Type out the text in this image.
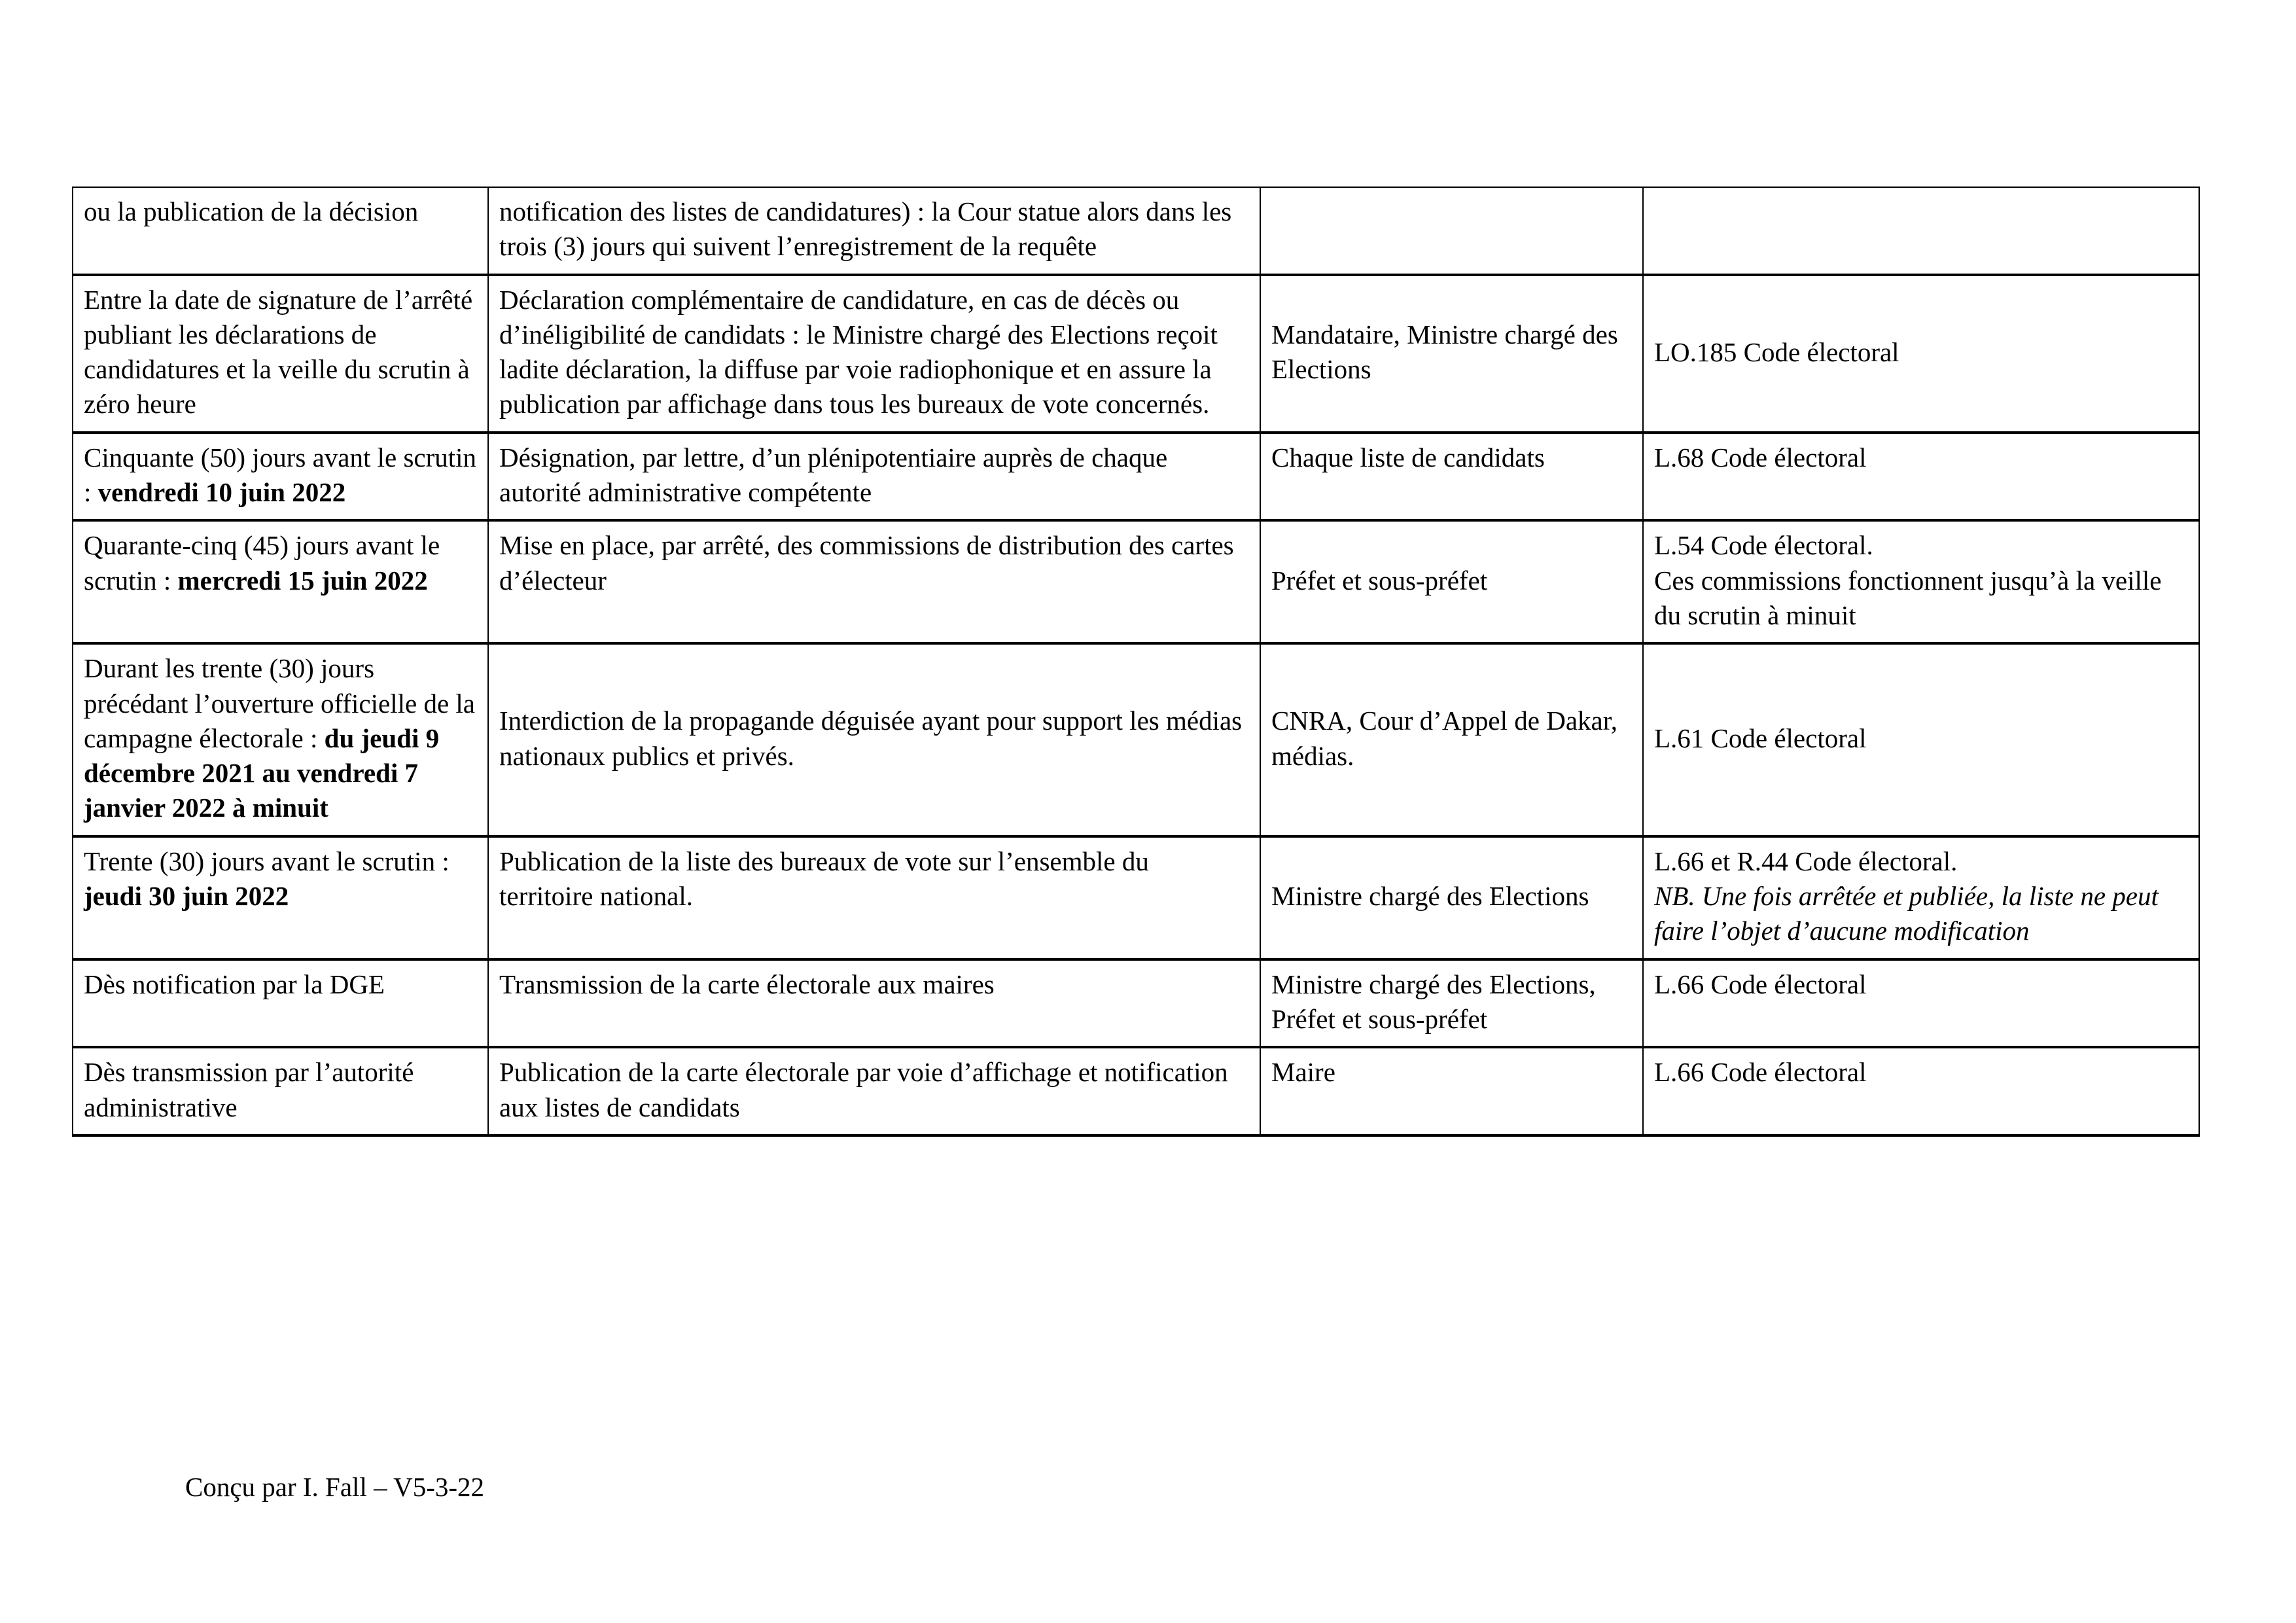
ou la publication de la décision	notification des listes de candidatures) : la Cour statue alors dans les trois (3) jours qui suivent l’enregistrement de la requête		
Entre la date de signature de l’arrêté publiant les déclarations de candidatures et la veille du scrutin à zéro heure	Déclaration complémentaire de candidature, en cas de décès ou d’inéligibilité de candidats : le Ministre chargé des Elections reçoit ladite déclaration, la diffuse par voie radiophonique et en assure la publication par affichage dans tous les bureaux de vote concernés.	Mandataire, Ministre chargé des Elections	LO.185 Code électoral
Cinquante (50) jours avant le scrutin : vendredi 10 juin 2022	Désignation, par lettre, d’un plénipotentiaire auprès de chaque autorité administrative compétente	Chaque liste de candidats	L.68 Code électoral
Quarante-cinq (45) jours avant le scrutin : mercredi 15 juin 2022	Mise en place, par arrêté, des commissions de distribution des cartes d’électeur	Préfet et sous-préfet	L.54 Code électoral.
Ces commissions fonctionnent jusqu’à la veille du scrutin à minuit
Durant les trente (30) jours précédant l’ouverture officielle de la campagne électorale : du jeudi 9 décembre 2021 au vendredi 7 janvier 2022 à minuit	Interdiction de la propagande déguisée ayant pour support les médias nationaux publics et privés.	CNRA, Cour d’Appel de Dakar, médias.	L.61 Code électoral
Trente (30) jours avant le scrutin : jeudi 30 juin 2022	Publication de la liste des bureaux de vote sur l’ensemble du territoire national.	Ministre chargé des Elections	L.66 et R.44 Code électoral.
NB. Une fois arrêtée et publiée, la liste ne peut faire l’objet d’aucune modification
Dès notification par la DGE	Transmission de la carte électorale aux maires	Ministre chargé des Elections, Préfet et sous-préfet	L.66 Code électoral
Dès transmission par l’autorité administrative	Publication de la carte électorale par voie d’affichage et notification aux listes de candidats	Maire	L.66 Code électoral
Conçu par I. Fall – V5-3-22
